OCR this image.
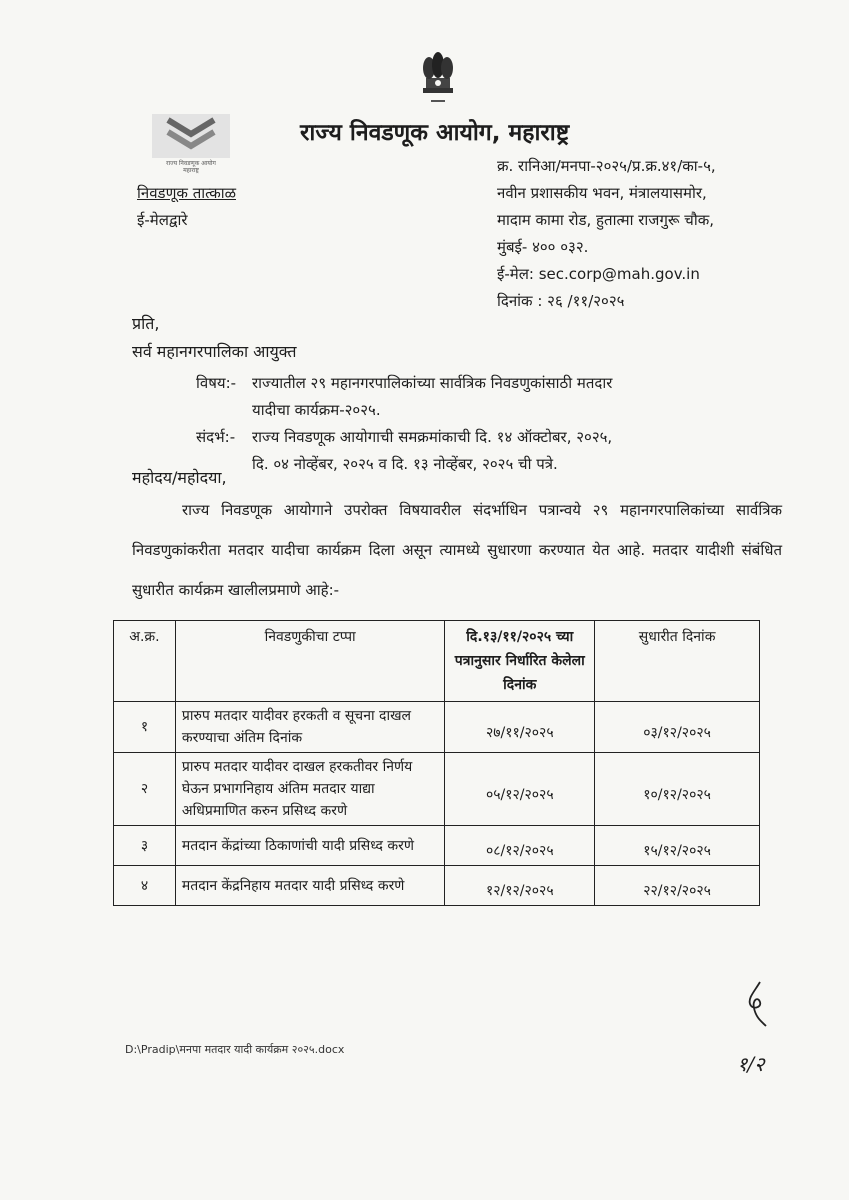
राज्य निवडणूक आयोग
महाराष्ट्र
राज्य निवडणूक आयोग, महाराष्ट्र
निवडणूक तात्काळ
ई-मेलद्वारे
क्र. रानिआ/मनपा-२०२५/प्र.क्र.४१/का-५,
नवीन प्रशासकीय भवन, मंत्रालयासमोर,
मादाम कामा रोड, हुतात्मा राजगुरू चौक,
मुंबई- ४०० ०३२.
ई-मेल: sec.corp@mah.gov.in
दिनांक : २६ /११/२०२५
प्रति,
सर्व महानगरपालिका आयुक्त
विषय:-	राज्यातील २९ महानगरपालिकांच्या सार्वत्रिक निवडणुकांसाठी मतदार
यादीचा कार्यक्रम-२०२५.
संदर्भ:-	राज्य निवडणूक आयोगाची समक्रमांकाची दि. १४ ऑक्टोबर, २०२५,
दि. ०४ नोव्हेंबर, २०२५ व दि. १३ नोव्हेंबर, २०२५ ची पत्रे.
महोदय/महोदया,
राज्य निवडणूक आयोगाने उपरोक्त विषयावरील संदर्भाधिन पत्रान्वये २९ महानगरपालिकांच्या सार्वत्रिक निवडणुकांकरीता मतदार यादीचा कार्यक्रम दिला असून त्यामध्ये सुधारणा करण्यात येत आहे. मतदार यादीशी संबंधित सुधारीत कार्यक्रम खालीलप्रमाणे आहे:-
अ.क्र.	निवडणुकीचा टप्पा	दि.१३/११/२०२५ च्या पत्रानुसार निर्धारित केलेला दिनांक	सुधारीत दिनांक
१	प्रारुप मतदार यादीवर हरकती व सूचना दाखल करण्याचा अंतिम दिनांक	२७/११/२०२५	०३/१२/२०२५
२	प्रारुप मतदार यादीवर दाखल हरकतीवर निर्णय घेऊन प्रभागनिहाय अंतिम मतदार याद्या अधिप्रमाणित करुन प्रसिध्द करणे	०५/१२/२०२५	१०/१२/२०२५
३	मतदान केंद्रांच्या ठिकाणांची यादी प्रसिध्द करणे	०८/१२/२०२५	१५/१२/२०२५
४	मतदान केंद्रनिहाय मतदार यादी प्रसिध्द करणे	१२/१२/२०२५	२२/१२/२०२५
D:\Pradip\मनपा मतदार यादी कार्यक्रम २०२५.docx
१/२
